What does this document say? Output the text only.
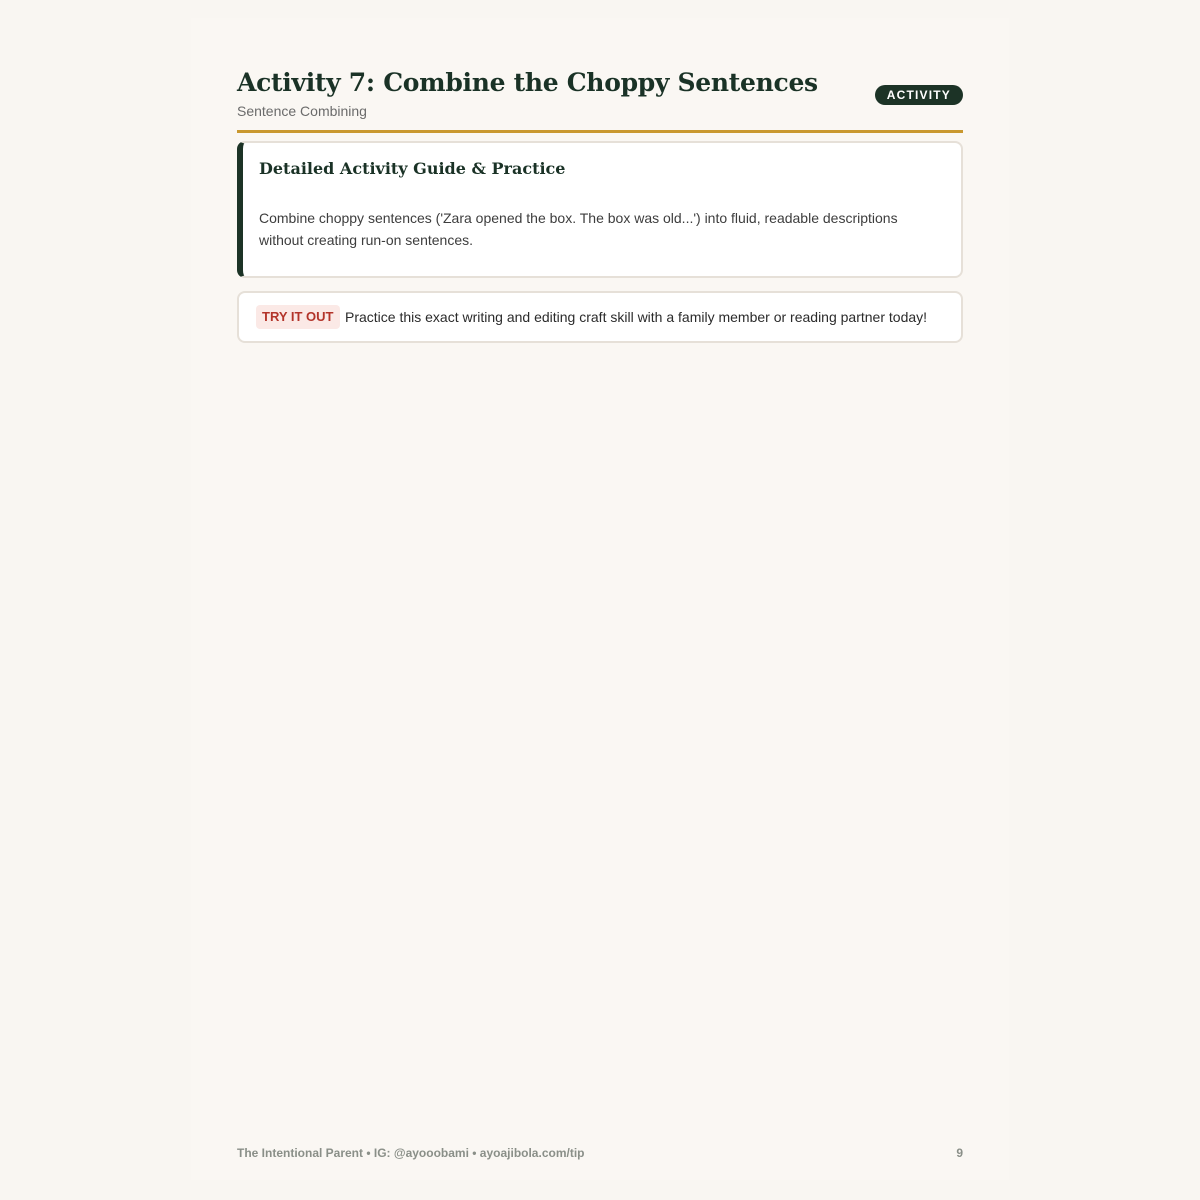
Activity 7: Combine the Choppy Sentences
Sentence Combining
ACTIVITY
Detailed Activity Guide & Practice

Combine choppy sentences ('Zara opened the box. The box was old...') into fluid, readable descriptions without creating run-on sentences.

TRY IT OUT Practice this exact writing and editing craft skill with a family member or reading partner today!
The Intentional Parent • IG: @ayooobami • ayoajibola.com/tip	9
